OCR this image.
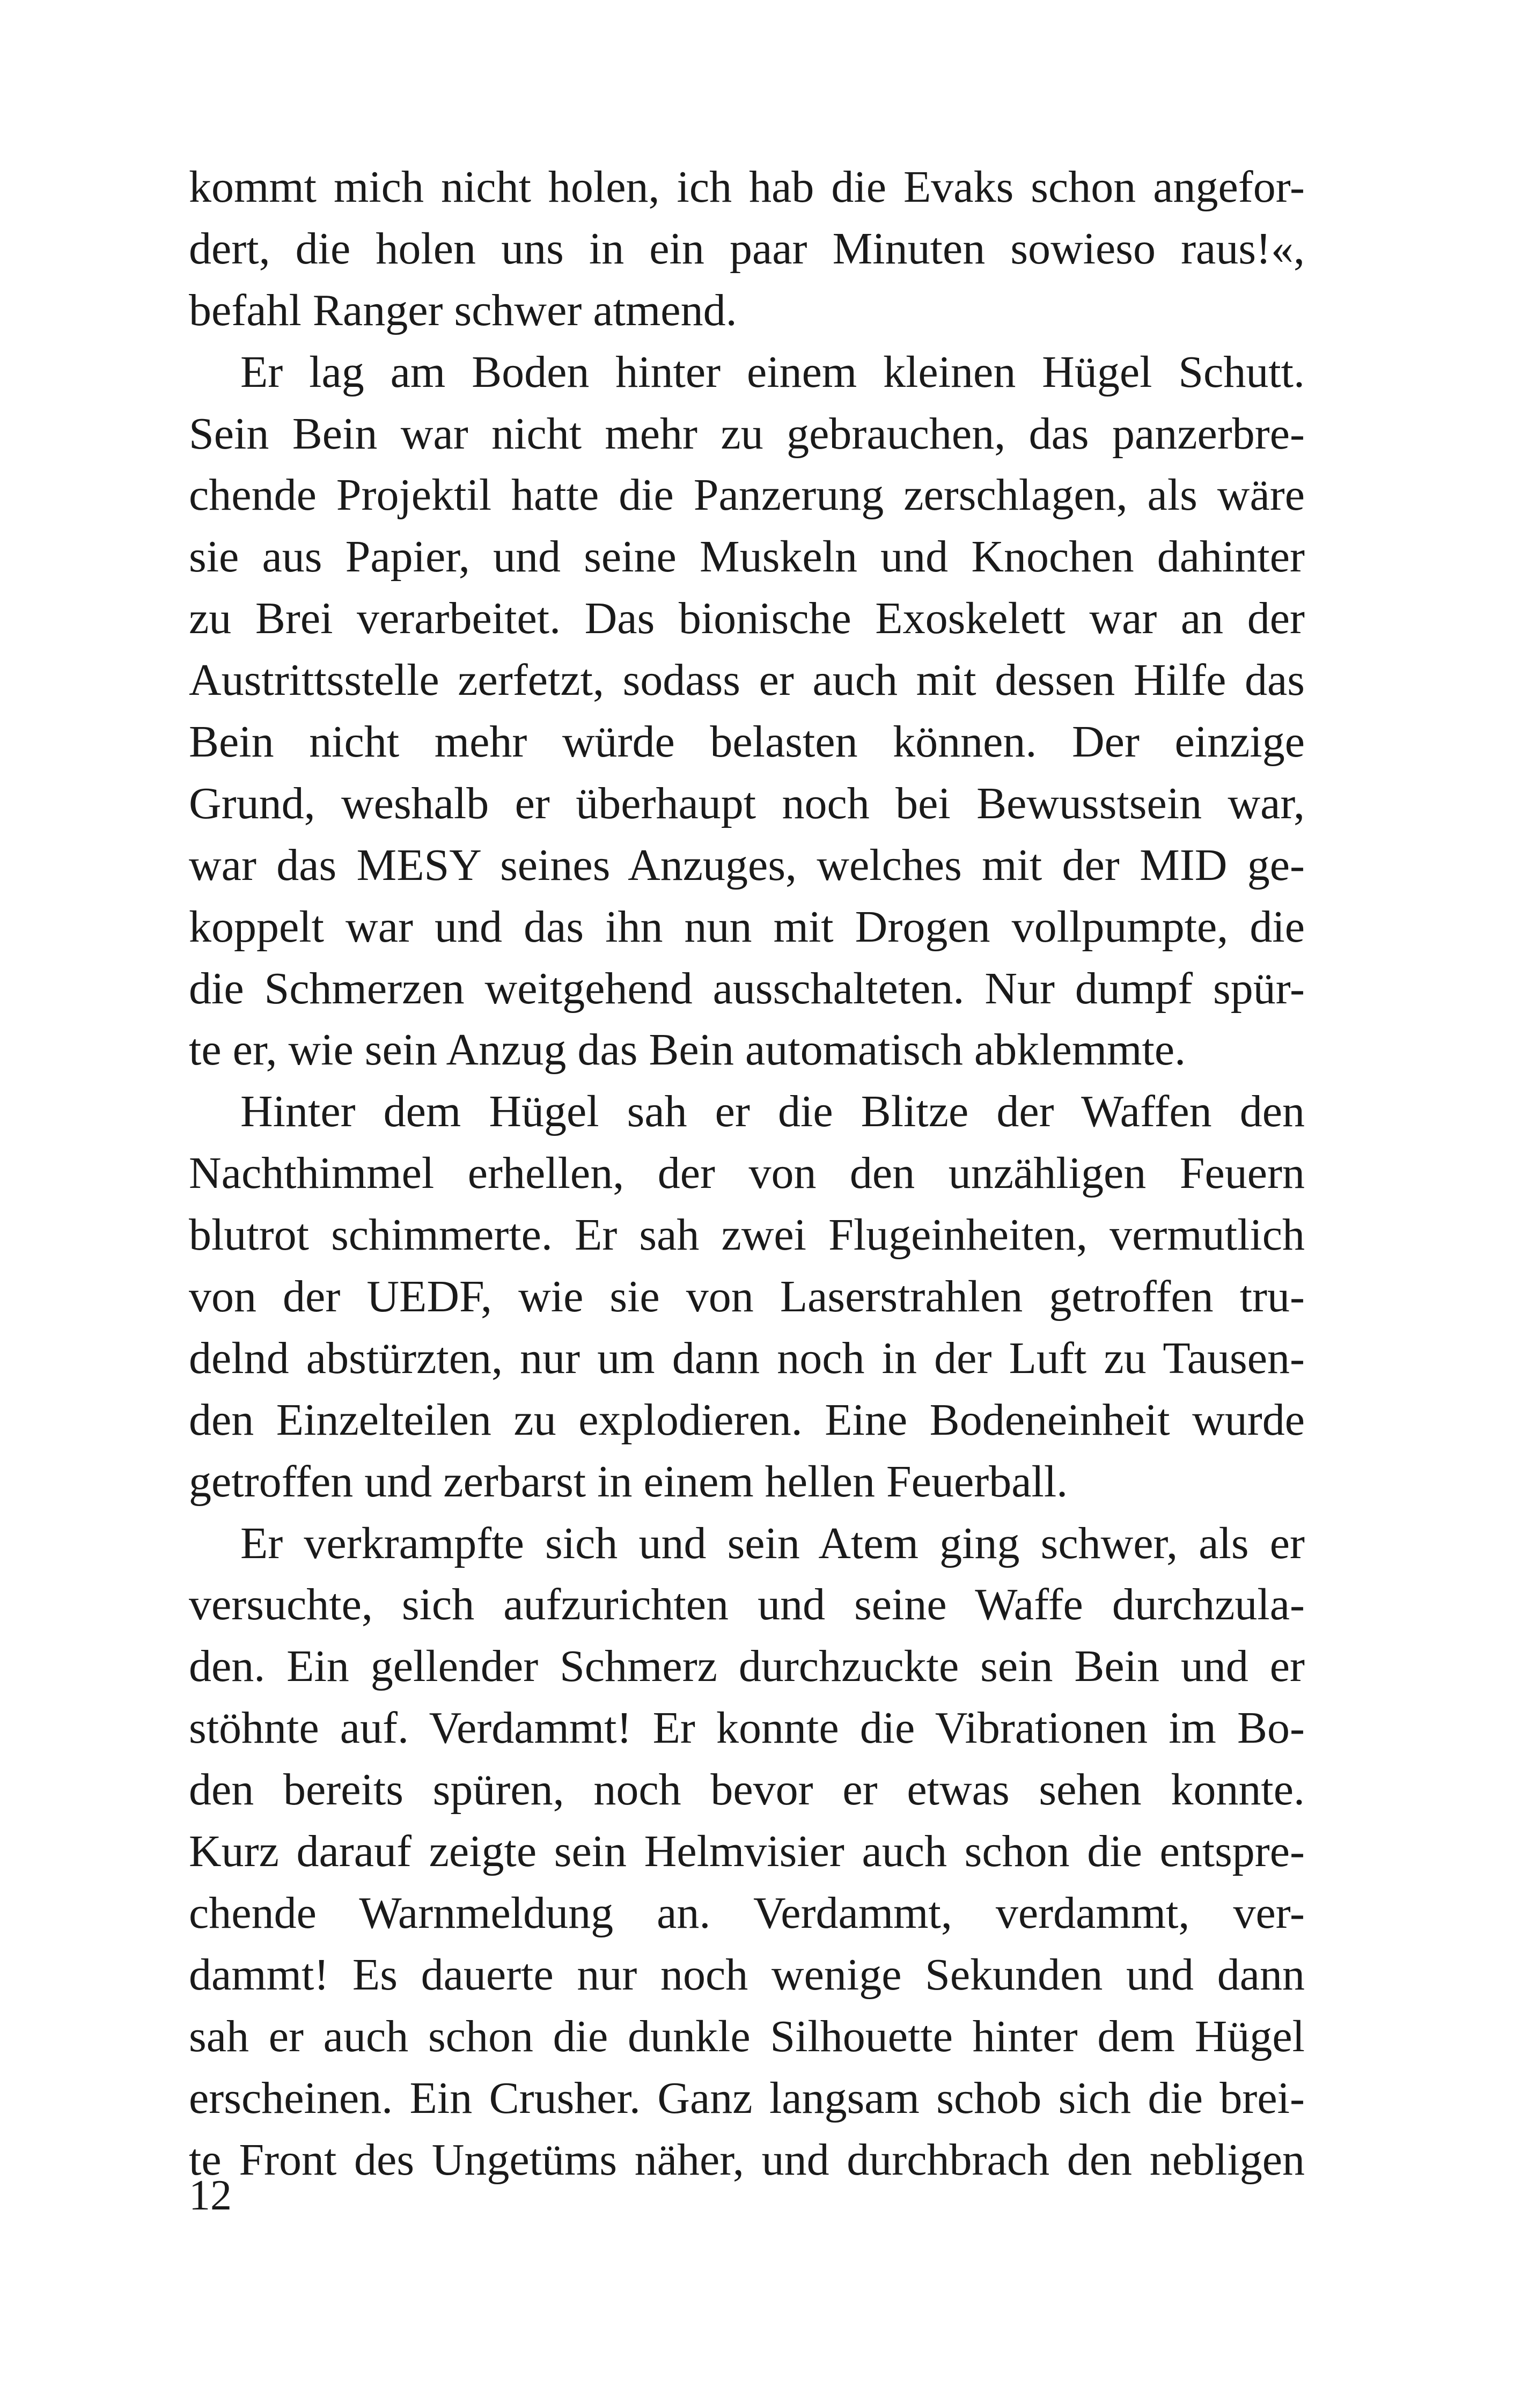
kommt mich nicht holen, ich hab die Evaks schon angefor-
dert, die holen uns in ein paar Minuten sowieso raus!«,
befahl Ranger schwer atmend.
Er lag am Boden hinter einem kleinen Hügel Schutt.
Sein Bein war nicht mehr zu gebrauchen, das panzerbre-
chende Projektil hatte die Panzerung zerschlagen, als wäre
sie aus Papier, und seine Muskeln und Knochen dahinter
zu Brei verarbeitet. Das bionische Exoskelett war an der
Austrittsstelle zerfetzt, sodass er auch mit dessen Hilfe das
Bein nicht mehr würde belasten können. Der einzige
Grund, weshalb er überhaupt noch bei Bewusstsein war,
war das MESY seines Anzuges, welches mit der MID ge-
koppelt war und das ihn nun mit Drogen vollpumpte, die
die Schmerzen weitgehend ausschalteten. Nur dumpf spür-
te er, wie sein Anzug das Bein automatisch abklemmte.
Hinter dem Hügel sah er die Blitze der Waffen den
Nachthimmel erhellen, der von den unzähligen Feuern
blutrot schimmerte. Er sah zwei Flugeinheiten, vermutlich
von der UEDF, wie sie von Laserstrahlen getroffen tru-
delnd abstürzten, nur um dann noch in der Luft zu Tausen-
den Einzelteilen zu explodieren. Eine Bodeneinheit wurde
getroffen und zerbarst in einem hellen Feuerball.
Er verkrampfte sich und sein Atem ging schwer, als er
versuchte, sich aufzurichten und seine Waffe durchzula-
den. Ein gellender Schmerz durchzuckte sein Bein und er
stöhnte auf. Verdammt! Er konnte die Vibrationen im Bo-
den bereits spüren, noch bevor er etwas sehen konnte.
Kurz darauf zeigte sein Helmvisier auch schon die entspre-
chende Warnmeldung an. Verdammt, verdammt, ver-
dammt! Es dauerte nur noch wenige Sekunden und dann
sah er auch schon die dunkle Silhouette hinter dem Hügel
erscheinen. Ein Crusher. Ganz langsam schob sich die brei-
te Front des Ungetüms näher, und durchbrach den nebligen
12
